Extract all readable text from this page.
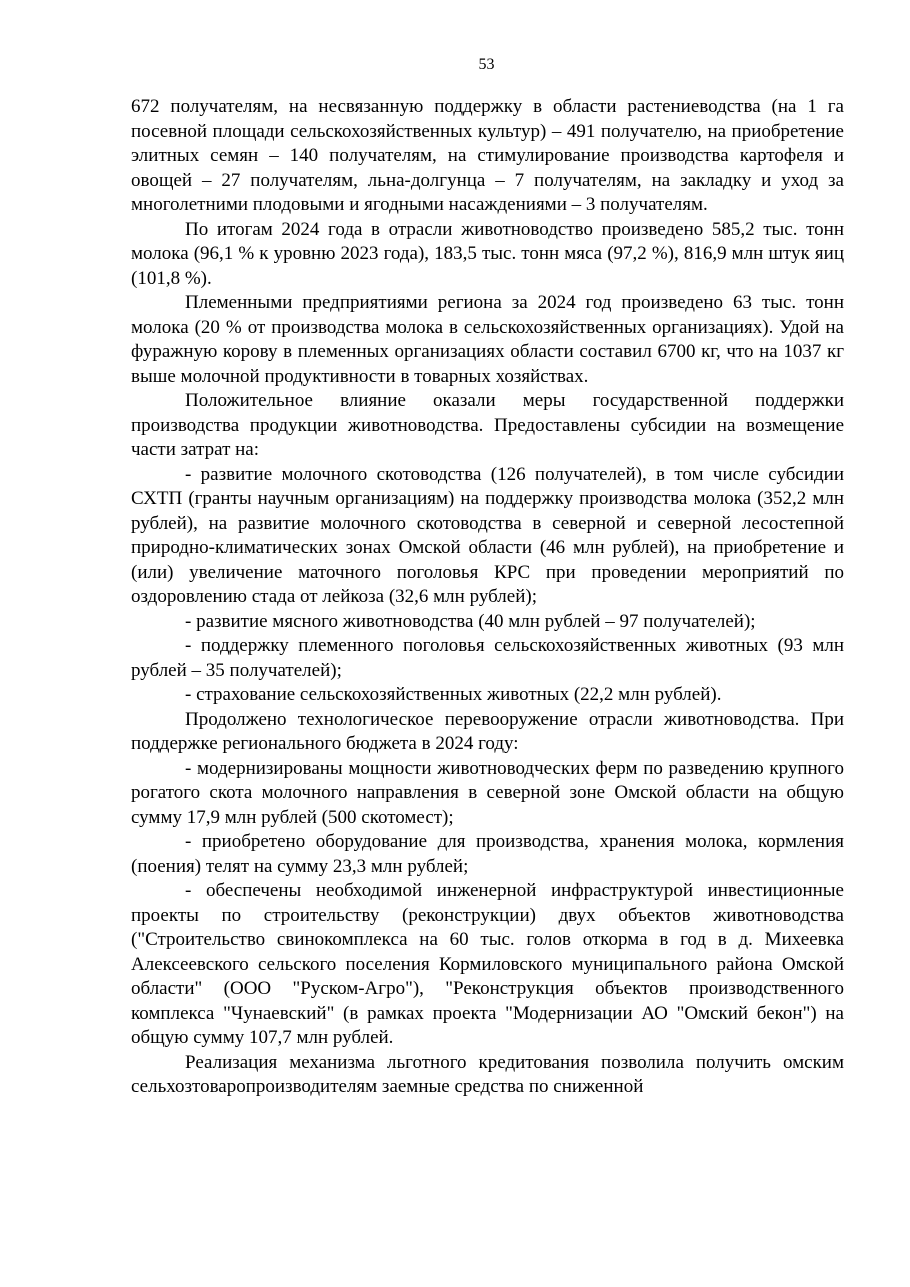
53

672 получателям, на несвязанную поддержку в области растениеводства (на 1 га посевной площади сельскохозяйственных культур) – 491 получателю, на приобретение элитных семян – 140 получателям, на стимулирование производства картофеля и овощей – 27 получателям, льна-долгунца – 7 получателям, на закладку и уход за многолетними плодовыми и ягодными насаждениями – 3 получателям.

По итогам 2024 года в отрасли животноводство произведено 585,2 тыс. тонн молока (96,1 % к уровню 2023 года), 183,5 тыс. тонн мяса (97,2 %), 816,9 млн штук яиц (101,8 %).

Племенными предприятиями региона за 2024 год произведено 63 тыс. тонн молока (20 % от производства молока в сельскохозяйственных организациях). Удой на фуражную корову в племенных организациях области составил 6700 кг, что на 1037 кг выше молочной продуктивности в товарных хозяйствах.

Положительное влияние оказали меры государственной поддержки производства продукции животноводства. Предоставлены субсидии на возмещение части затрат на:

- развитие молочного скотоводства (126 получателей), в том числе субсидии СХТП (гранты научным организациям) на поддержку производства молока (352,2 млн рублей), на развитие молочного скотоводства в северной и северной лесостепной природно-климатических зонах Омской области (46 млн рублей), на приобретение и (или) увеличение маточного поголовья КРС при проведении мероприятий по оздоровлению стада от лейкоза (32,6 млн рублей);

- развитие мясного животноводства (40 млн рублей – 97 получателей);

- поддержку племенного поголовья сельскохозяйственных животных (93 млн рублей – 35 получателей);

- страхование сельскохозяйственных животных (22,2 млн рублей).

Продолжено технологическое перевооружение отрасли животноводства. При поддержке регионального бюджета в 2024 году:

- модернизированы мощности животноводческих ферм по разведению крупного рогатого скота молочного направления в северной зоне Омской области на общую сумму 17,9 млн рублей (500 скотомест);

- приобретено оборудование для производства, хранения молока, кормления (поения) телят на сумму 23,3 млн рублей;

- обеспечены необходимой инженерной инфраструктурой инвестиционные проекты по строительству (реконструкции) двух объектов животноводства ("Строительство свинокомплекса на 60 тыс. голов откорма в год в д. Михеевка Алексеевского сельского поселения Кормиловского муниципального района Омской области" (ООО "Руском-Агро"), "Реконструкция объектов производственного комплекса "Чунаевский" (в рамках проекта "Модернизации АО "Омский бекон") на общую сумму 107,7 млн рублей.

Реализация механизма льготного кредитования позволила получить омским сельхозтоваропроизводителям заемные средства по сниженной
